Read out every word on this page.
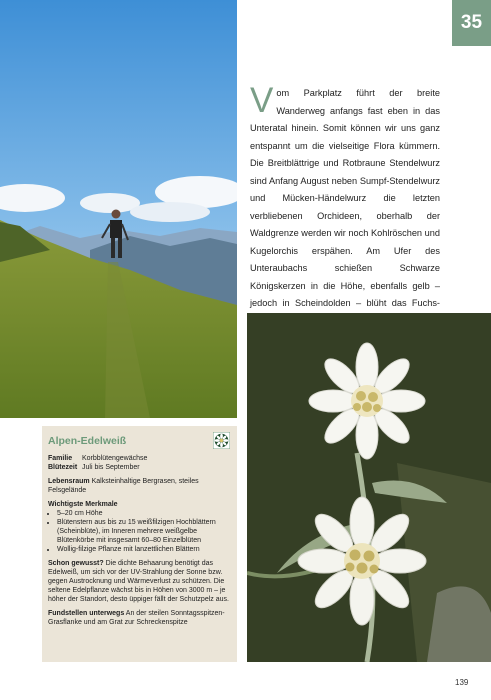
35
Vom Parkplatz führt der breite Wanderweg anfangs fast eben in das Unteratal hinein. Somit können wir uns ganz entspannt um die vielseitige Flora kümmern. Die Breitblättrige und Rotbraune Stendelwurz sind Anfang August neben Sumpf-Stendelwurz und Mücken-Händelwurz die letzten verbliebenen Orchideen, oberhalb der Waldgrenze werden wir noch Kohlröschen und Kugelorchis erspähen. Am Ufer des Unteraubachs schießen Schwarze Königskerzen in die Höhe, ebenfalls gelb – jedoch in Scheindolden – blüht das Fuchs-
Alpen-Edelweiß
Familie	Korbblütengewächse
Blütezeit Juli bis September
Lebensraum Kalksteinhaltige Bergrasen, steiles Felsgelände
Wichtigste Merkmale
• 5–20 cm Höhe
• Blütenstern aus bis zu 15 weißfilzigen Hochblättern (Scheinblüte), im Inneren mehrere weißgelbe Blütenkörbe mit insgesamt 60–80 Einzelblüten
• Wollig-filzige Pflanze mit lanzettlichen Blättern
Schon gewusst? Die dichte Behaarung benötigt das Edelweiß, um sich vor der UV-Strahlung der Sonne bzw. gegen Austrocknung und Wärmeverlust zu schützen. Die seltene Edelpflanze wächst bis in Höhen von 3000 m – je höher der Standort, desto üppiger fällt der Schutzpelz aus.
Fundstellen unterwegs An der steilen Sonntagsspitzen-Grasflanke und am Grat zur Schreckenspitze
139
